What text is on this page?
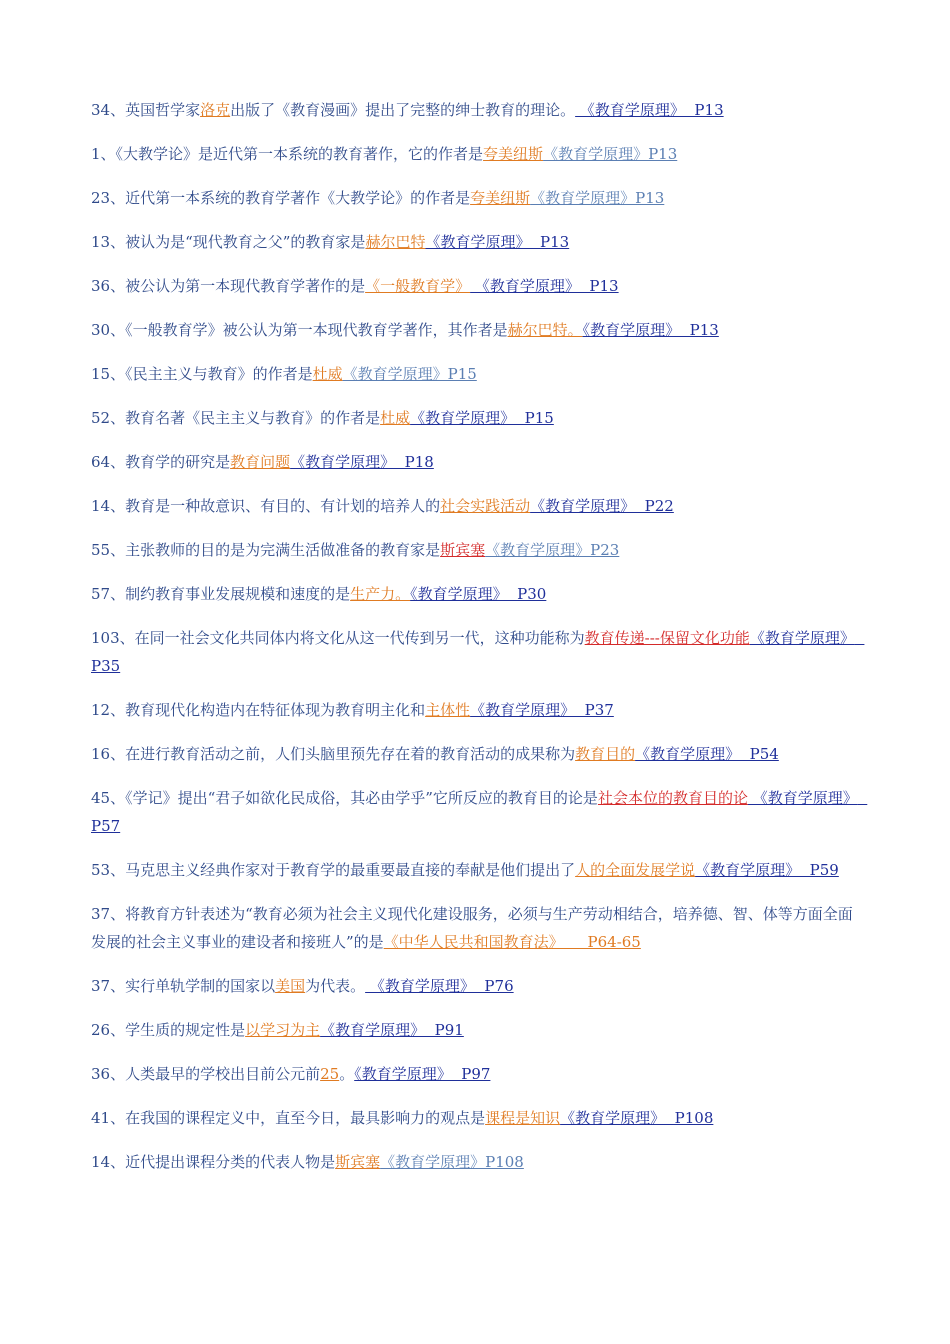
34、英国哲学家洛克出版了《教育漫画》提出了完整的绅士教育的理论。 《教育学原理》  P13
1、《大教学论》是近代第一本系统的教育著作，它的作者是夸美纽斯《教育学原理》P13
23、近代第一本系统的教育学著作《大教学论》的作者是夸美纽斯《教育学原理》P13
13、被认为是“现代教育之父”的教育家是赫尔巴特《教育学原理》  P13
36、被公认为第一本现代教育学著作的是《一般教育学》 《教育学原理》  P13
30、《一般教育学》被公认为第一本现代教育学著作，其作者是赫尔巴特。《教育学原理》  P13
15、《民主主义与教育》的作者是杜威《教育学原理》P15
52、教育名著《民主主义与教育》的作者是杜威《教育学原理》  P15
64、教育学的研究是教育问题《教育学原理》  P18
14、教育是一种故意识、有目的、有计划的培养人的社会实践活动《教育学原理》  P22
55、主张教师的目的是为完满生活做准备的教育家是斯宾塞《教育学原理》P23
57、制约教育事业发展规模和速度的是生产力。《教育学原理》  P30
103、在同一社会文化共同体内将文化从这一代传到另一代，这种功能称为教育传递---保留文化功能《教育学原理》  P35
12、教育现代化构造内在特征体现为教育明主化和主体性《教育学原理》  P37
16、在进行教育活动之前，人们头脑里预先存在着的教育活动的成果称为教育目的《教育学原理》  P54
45、《学记》提出“君子如欲化民成俗，其必由学乎”它所反应的教育目的论是社会本位的教育目的论 《教育学原理》  P57
53、马克思主义经典作家对于教育学的最重要最直接的奉献是他们提出了人的全面发展学说《教育学原理》  P59
37、将教育方针表述为“教育必须为社会主义现代化建设服务，必须与生产劳动相结合，培养德、智、体等方面全面发展的社会主义事业的建设者和接班人”的是《中华人民共和国教育法》     P64-65
37、实行单轨学制的国家以美国为代表。 《教育学原理》  P76
26、学生质的规定性是以学习为主《教育学原理》  P91
36、人类最早的学校出目前公元前25。《教育学原理》  P97
41、在我国的课程定义中，直至今日，最具影响力的观点是课程是知识《教育学原理》  P108
14、近代提出课程分类的代表人物是斯宾塞《教育学原理》P108
